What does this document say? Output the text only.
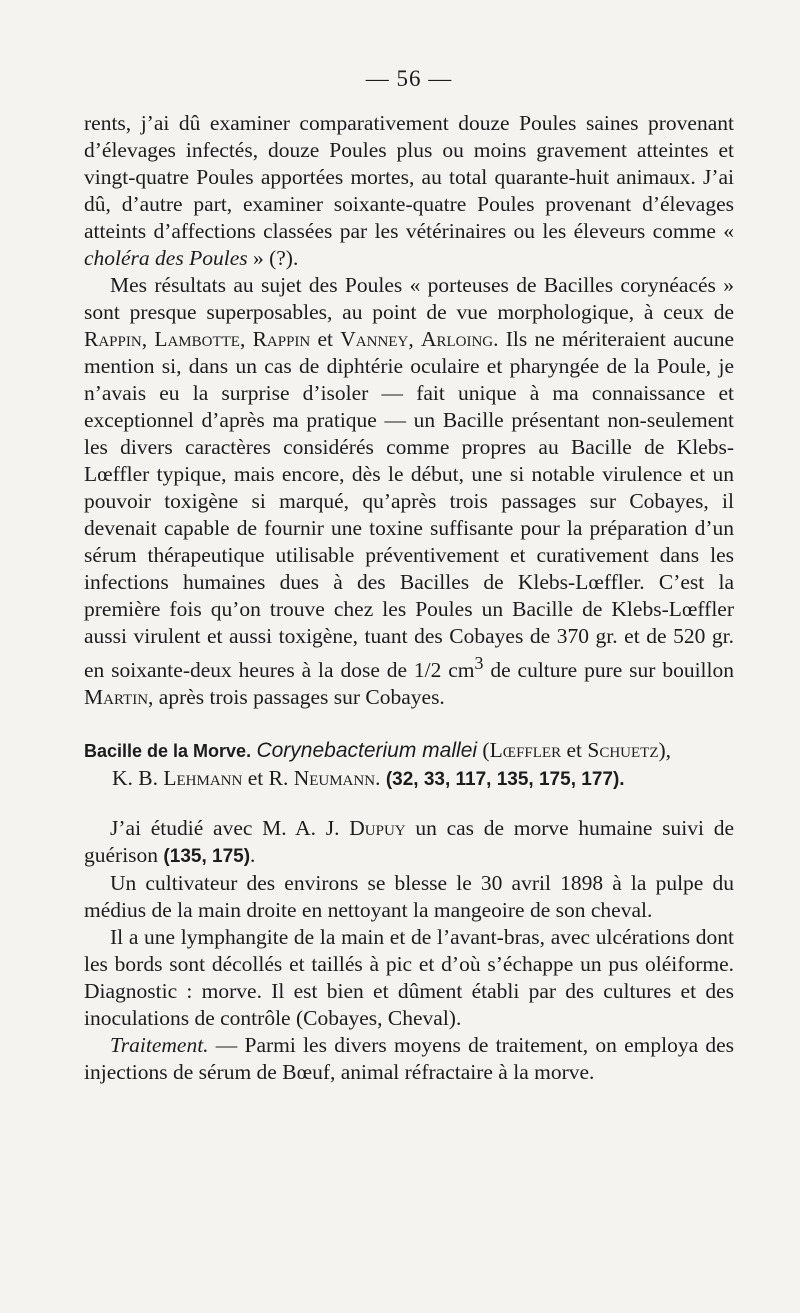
— 56 —

rents, j’ai dû examiner comparativement douze Poules saines provenant d’élevages infectés, douze Poules plus ou moins gravement atteintes et vingt-quatre Poules apportées mortes, au total quarante-huit animaux. J’ai dû, d’autre part, examiner soixante-quatre Poules provenant d’élevages atteints d’affections classées par les vétérinaires ou les éleveurs comme « choléra des Poules » (?).

Mes résultats au sujet des Poules « porteuses de Bacilles corynéacés » sont presque superposables, au point de vue morphologique, à ceux de Rappin, Lambotte, Rappin et Vanney, Arloing. Ils ne mériteraient aucune mention si, dans un cas de diphtérie oculaire et pharyngée de la Poule, je n’avais eu la surprise d’isoler — fait unique à ma connaissance et exceptionnel d’après ma pratique — un Bacille présentant non-seulement les divers caractères considérés comme propres au Bacille de Klebs-Lœffler typique, mais encore, dès le début, une si notable virulence et un pouvoir toxigène si marqué, qu’après trois passages sur Cobayes, il devenait capable de fournir une toxine suffisante pour la préparation d’un sérum thérapeutique utilisable préventivement et curativement dans les infections humaines dues à des Bacilles de Klebs-Lœffler. C’est la première fois qu’on trouve chez les Poules un Bacille de Klebs-Lœffler aussi virulent et aussi toxigène, tuant des Cobayes de 370 gr. et de 520 gr. en soixante-deux heures à la dose de 1/2 $cm^3$ de culture pure sur bouillon Martin, après trois passages sur Cobayes.

Bacille de la Morve. Corynebacterium mallei (Lœffler et Schuetz),

K. B. Lehmann et R. Neumann. (32, 33, 117, 135, 175, 177).

J’ai étudié avec M. A. J. Dupuy un cas de morve humaine suivi de guérison (135, 175).

Un cultivateur des environs se blesse le 30 avril 1898 à la pulpe du médius de la main droite en nettoyant la mangeoire de son cheval.

Il a une lymphangite de la main et de l’avant-bras, avec ulcérations dont les bords sont décollés et taillés à pic et d’où s’échappe un pus oléiforme. Diagnostic : morve. Il est bien et dûment établi par des cultures et des inoculations de contrôle (Cobayes, Cheval).

Traitement. — Parmi les divers moyens de traitement, on employa des injections de sérum de Bœuf, animal réfractaire à la morve.
